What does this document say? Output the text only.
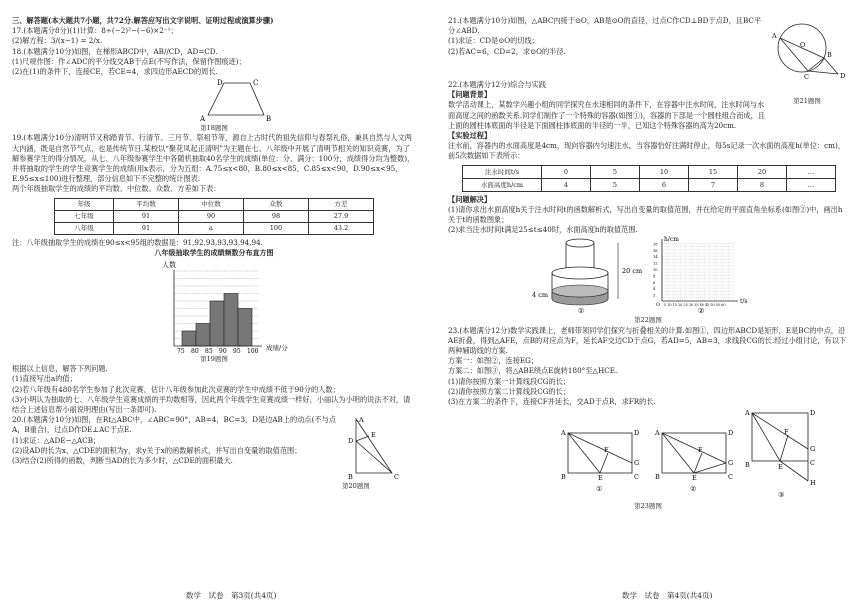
三、解答题(本大题共7小题，共72分.解答应写出文字说明、证明过程或演算步骤)

17.(本题满分8分)(1)计算：8÷(−2)²−(−6)×2⁻¹；

(2)解方程：3/(x−1) = 2/x.

18.(本题满分10分)如图，在梯形ABCD中，AB//CD，AD=CD.

(1)尺规作图：作∠ADC的平分线交AB于点E(不写作法，保留作图痕迹)；

(2)在(1)的条件下，连接CE，若CE=4，求四边形AECD的周长.

D	C
A	B

第18题图

19.(本题满分10分)清明节又称踏青节、行清节、三月节、祭祖节等，源自上古时代的祖先信仰与春祭礼俗，兼具自然与人文两大内涵，既是自然节气点，也是传统节日.某校以“聚花凤起正清明”为主题在七、八年级中开展了清明节相关的知识竞赛，为了解参赛学生的得分情况，从七、八年级参赛学生中各随机抽取40名学生的成绩(单位：分，满分：100分，成绩得分均为整数)，并将抽取的学生的学生竞赛学生的成绩(用x表示，分为五组：A.75≤x<80，B.80≤x<85，C.85≤x<90，D.90≤x<95，E.95≤x≤100)进行整理，部分信息如下不完整的统计图表.

两个年级抽取学生的成绩的平均数、中位数、众数、方差如下表：

年级	平均数	中位数	众数	方差
七年级	91	90	98	27.9
八年级	91	a	100	43.2

注：八年级抽取学生的成绩在90≤x<95组的数据是：91,92,93,93,93,94,94.

八年级抽取学生的成绩频数分布直方图

人数
75 80 85 90 95 100 成绩/分

第19题图

根据以上信息，解答下列问题.

(1)直接写出a的值；

(2)若八年级有480名学生参加了此次竞赛，估计八年级参加此次竞赛的学生中成绩不低于90分的人数；

(3)小明认为抽取的七、八年级学生竞赛成绩的平均数相等，因此两个年级学生竞赛成绩一样好，小丽认为小明的说法不对，请结合上述信息帮小丽说明理由(写出一条即可).

20.(本题满分10分)如图，在Rt△ABC中，∠ABC=90°，AB=4，BC=3，D是边AB上的动点(不与点A，B重合)，过点D作DE⊥AC于点E.

(1)求证：△ADE∽△ACB；

(2)设AD的长为x，△CDE的面积为y，求y关于x的函数解析式，并写出自变量的取值范围；

(3)结合(2)所得的函数，判断当AD的长为多少时，△CDE的面积最大.

A
D
E
B	C

第20题图

数学　试卷　第3页(共4页)

21.(本题满分10分)如图，△ABC内接于⊙O，AB是⊙O的直径，过点C作CD⊥BD于点D，且BC平分∠ABD.

(1)求证：CD是⊙O的切线；

(2)若AC=6，CD=2，求⊙O的半径.

A
O
C
B
D

22.(本题满分12分)综合与实践

【问题背景】

数学活动课上，某数学兴趣小组的同学探究在水速相同的条件下，在容器中注水时间，注水时间与水面高度之间的函数关系.同学们制作了一个特殊的容器(如图①)，容器的下部是一个圆柱组合而成，且上面的圆柱体底面的半径是下面圆柱体底面的半径的一半，已知这个特殊容器的高为20cm.

第21题图

【实验过程】

注水前，容器内的水面高度是4cm，现向容器内匀速注水，当容器恰好注满时停止，每5s记录一次水面的高度h(单位：cm)，前5次数据如下表所示：

注水时间t/s	0	5	10	15	20	…
水面高度h/cm	4	5	6	7	8	…

【问题解决】

(1)请你求出水面高度h关于注水时间t的函数解析式，写出自变量的取值范围，并在给定的平面直角坐标系(如图②)中，画出h关于t的函数图象；

(2)求当注水时间t满足25≤t≤40时，水面高度h的取值范围.

20 cm
4 cm
①
h/cm
t/s
O 5 10 15 20 25 30 35 40 45 50 55 60
18
16
14
12
10
8
6
4
2
②

第22题图

23.(本题满分12分)数学实践课上，老师带领同学们探究与折叠相关的计算.如图①，四边形ABCD是矩形，E是BC的中点，沿AE折叠，得到△AFE，点B的对应点为F，延长AF交边CD于点G，若AD=5，AB=3，求线段CG的长.经过小组讨论，有以下两种辅助线的方案.

方案一：如图②，连接EG；

方案二：如图③，将△ABE绕点E旋转180°至△HCE.

(1)请你按照方案一计算线段CG的长；

(2)请你按照方案二计算线段CG的长；

(3)在方案二的条件下，连接CF并延长，交AD于点R，求FR的长.

A	D
F
G
B	E	C
①
A	D
F
G
B	E	C
②
A	D
F
G
B	E	C
H
③

第23题图

数学　试卷　第4页(共4页)
